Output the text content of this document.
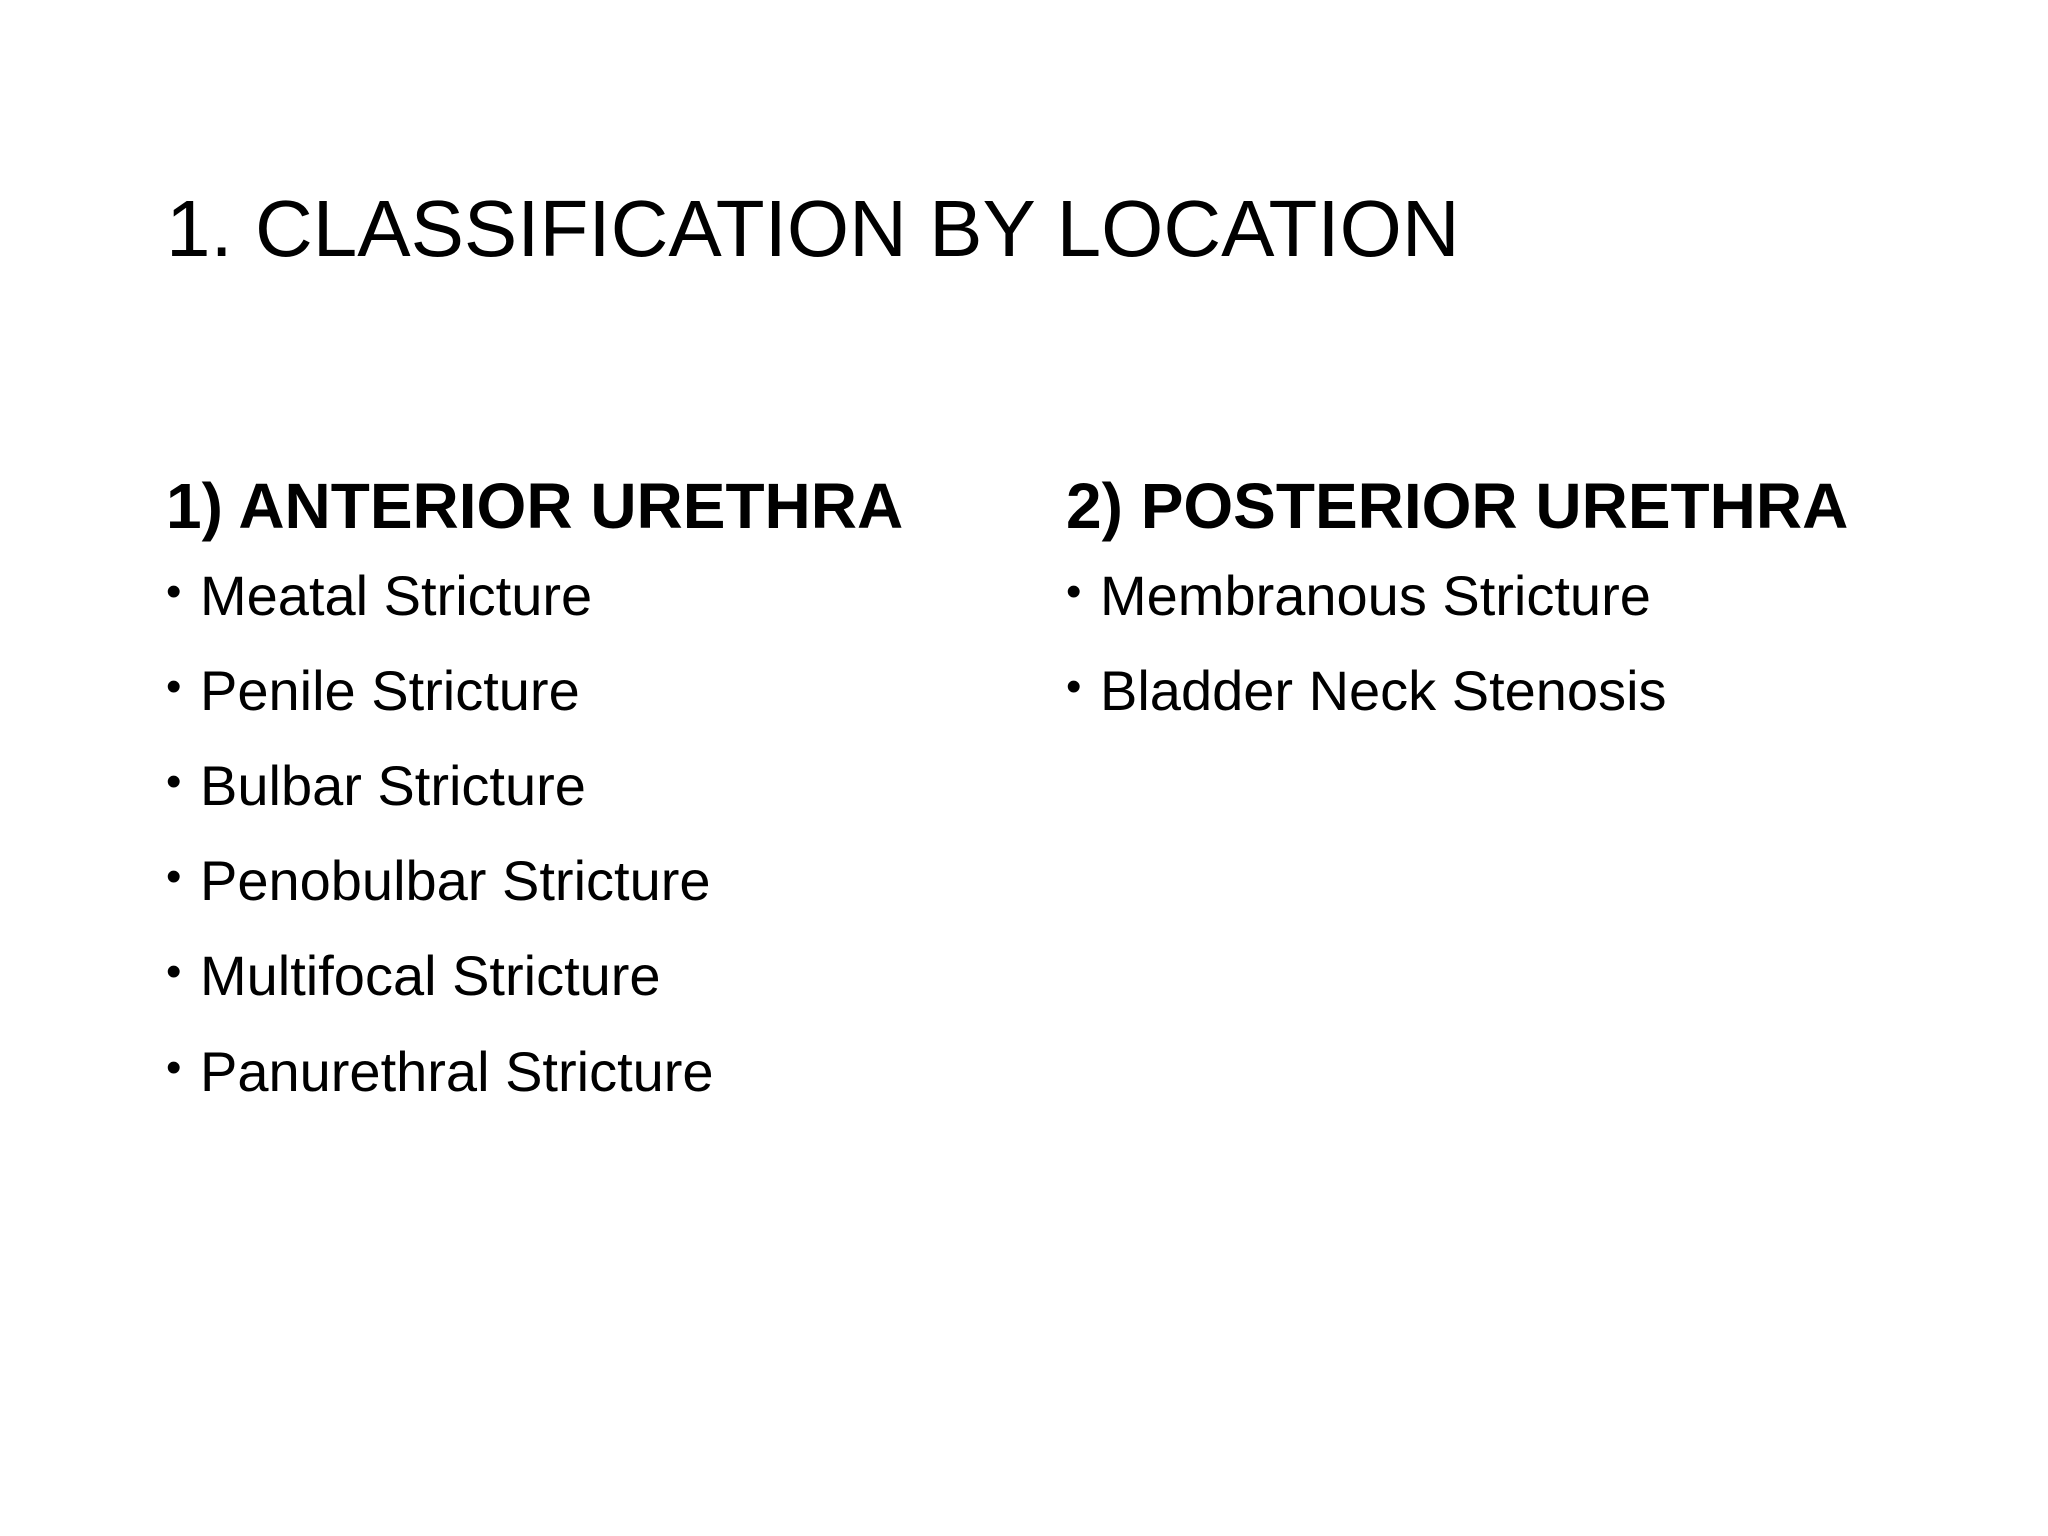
1. CLASSIFICATION BY LOCATION
1) ANTERIOR URETHRA
• Meatal Stricture
• Penile Stricture
• Bulbar Stricture
• Penobulbar Stricture
• Multifocal Stricture
• Panurethral Stricture
2) POSTERIOR URETHRA
• Membranous Stricture
• Bladder Neck Stenosis
